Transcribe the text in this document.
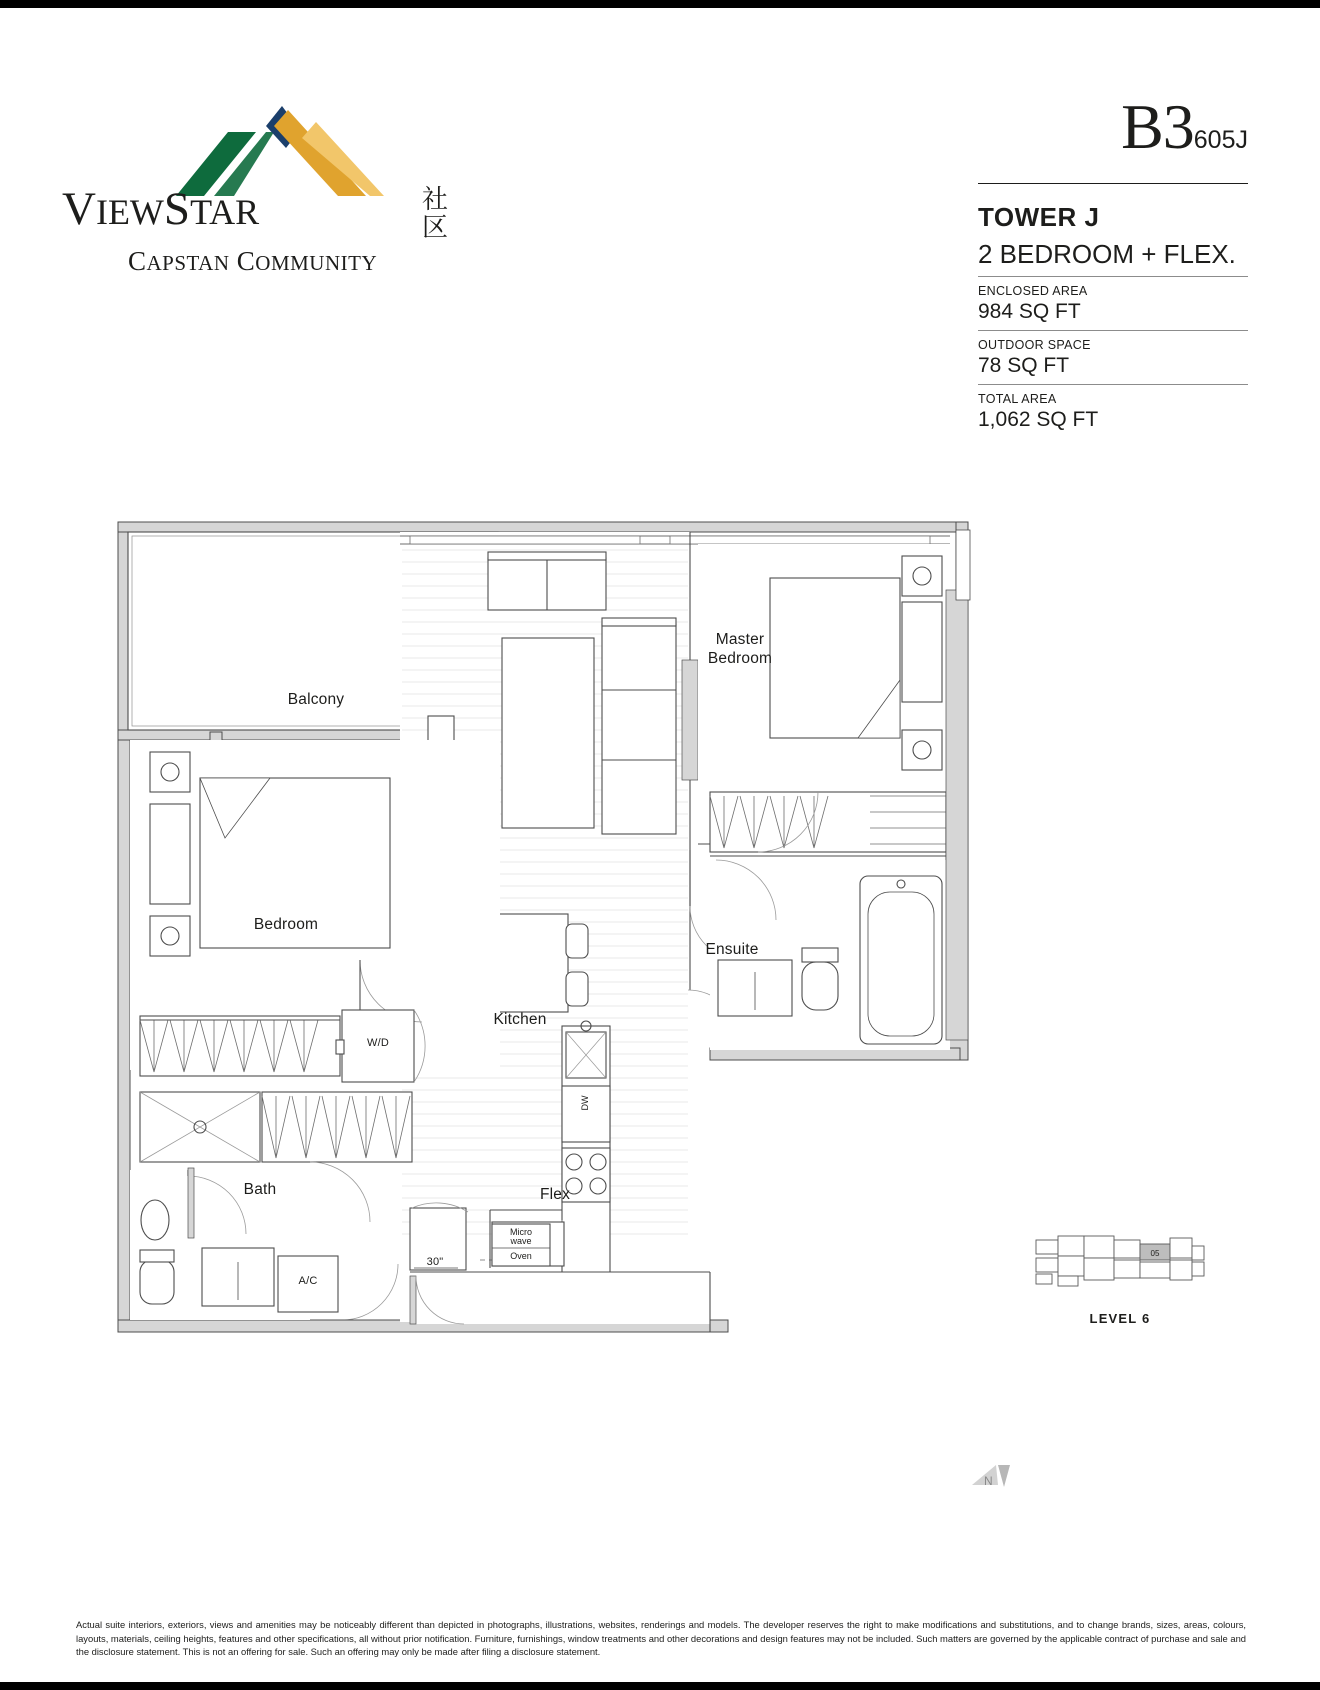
VIEWSTAR	社区
CAPSTAN COMMUNITY
B3605J
TOWER J
2 BEDROOM + FLEX.
ENCLOSED AREA
984 SQ FT
OUTDOOR SPACE
78 SQ FT
TOTAL AREA
1,062 SQ FT
Balcony
Bedroom
Master
Bedroom
Ensuite
Bath
Kitchen
Flex
W/D
A/C
DW
Micro
wave
Oven
30"
05
LEVEL 6
N
Actual suite interiors, exteriors, views and amenities may be noticeably different than depicted in photographs, illustrations, websites, renderings and models. The developer reserves the right to make modifications and substitutions, and to change brands, sizes, areas, colours, layouts, materials, ceiling heights, features and other specifications, all without prior notification. Furniture, furnishings, window treatments and other decorations and design features may not be included. Such matters are governed by the applicable contract of purchase and sale and the disclosure statement. This is not an offering for sale. Such an offering may only be made after filing a disclosure statement.
